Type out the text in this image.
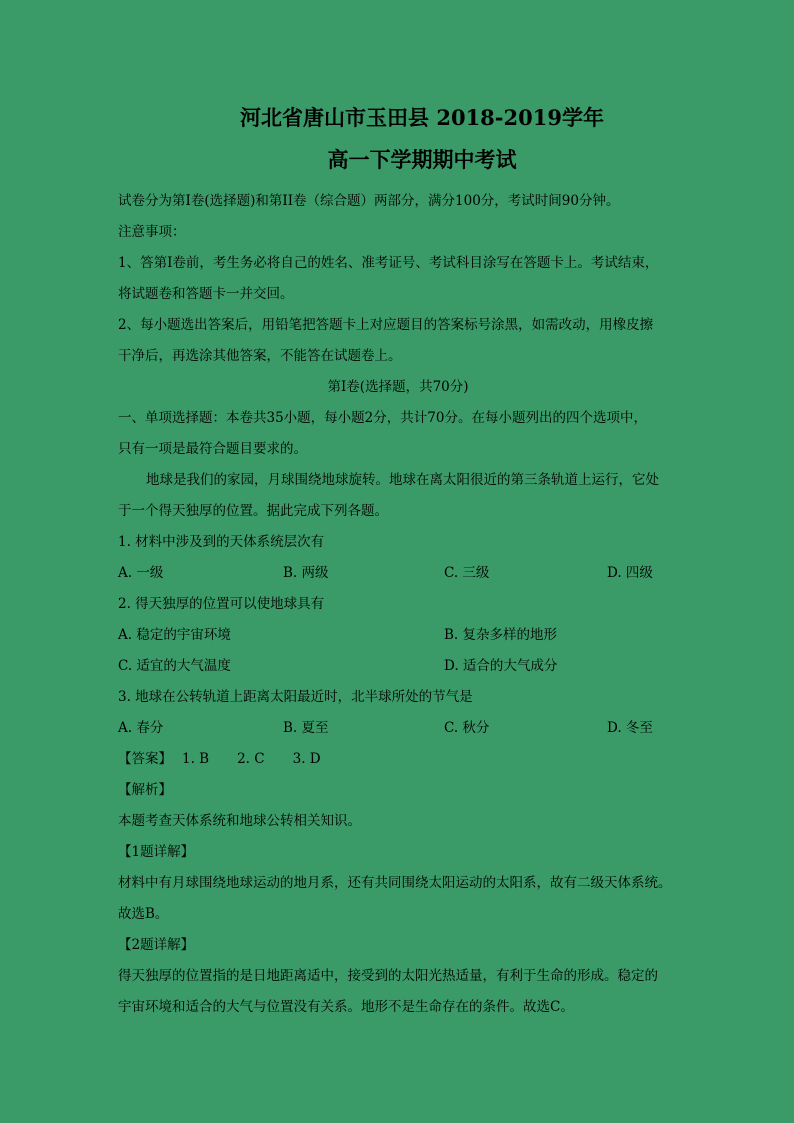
河北省唐山市玉田县 2018-2019学年
高一下学期期中考试
试卷分为第Ⅰ卷(选择题)和第II卷（综合题）两部分，满分100分，考试时间90分钟。
注意事项：
1、答第Ⅰ卷前，考生务必将自己的姓名、准考证号、考试科目涂写在答题卡上。考试结束，
将试题卷和答题卡一并交回。
2、每小题选出答案后，用铅笔把答题卡上对应题目的答案标号涂黑，如需改动，用橡皮擦
干净后，再选涂其他答案，不能答在试题卷上。
第Ⅰ卷(选择题，共70分)
一、单项选择题：本卷共35小题，每小题2分，共计70分。在每小题列出的四个选项中，
只有一项是最符合题目要求的。
地球是我们的家园，月球围绕地球旋转。地球在离太阳很近的第三条轨道上运行，它处
于一个得天独厚的位置。据此完成下列各题。
1. 材料中涉及到的天体系统层次有
A. 一级	B. 两级	C. 三级	D. 四级
2. 得天独厚的位置可以使地球具有
A. 稳定的宇宙环境	B. 复杂多样的地形
C. 适宜的大气温度	D. 适合的大气成分
3. 地球在公转轨道上距离太阳最近时，北半球所处的节气是
A. 春分	B. 夏至	C. 秋分	D. 冬至
【答案】 1. B 2. C 3. D
【解析】
本题考查天体系统和地球公转相关知识。
【1题详解】
材料中有月球围绕地球运动的地月系，还有共同围绕太阳运动的太阳系，故有二级天体系统。
故选B。
【2题详解】
得天独厚的位置指的是日地距离适中，接受到的太阳光热适量，有利于生命的形成。稳定的
宇宙环境和适合的大气与位置没有关系。地形不是生命存在的条件。故选C。
